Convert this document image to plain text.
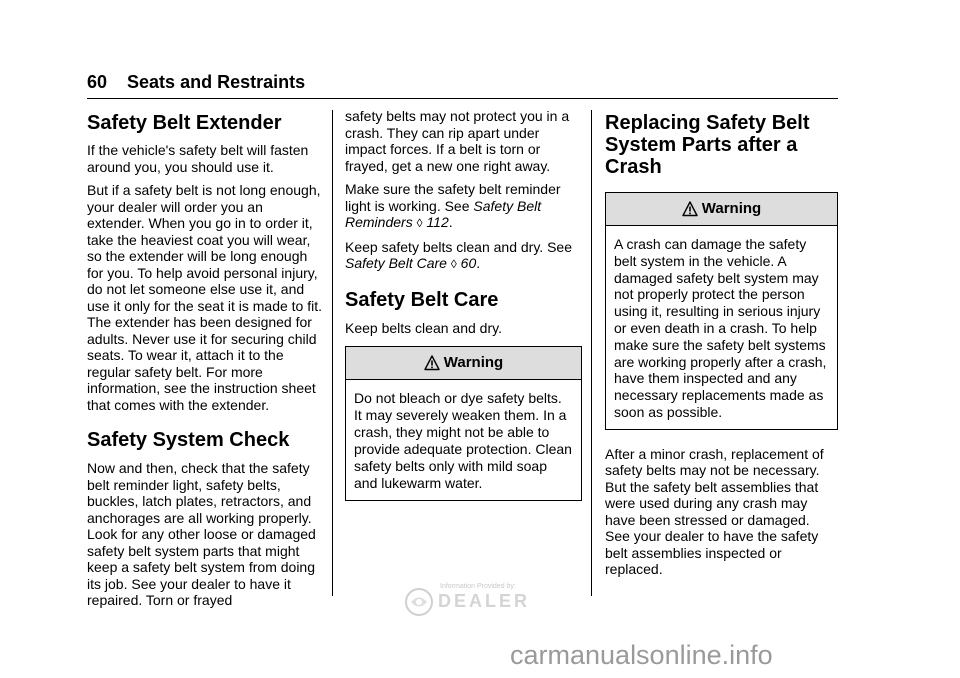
60 Seats and Restraints
Safety Belt Extender

If the vehicle's safety belt will fasten around you, you should use it.

But if a safety belt is not long enough, your dealer will order you an extender. When you go in to order it, take the heaviest coat you will wear, so the extender will be long enough for you. To help avoid personal injury, do not let someone else use it, and use it only for the seat it is made to fit. The extender has been designed for adults. Never use it for securing child seats. To wear it, attach it to the regular safety belt. For more information, see the instruction sheet that comes with the extender.

Safety System Check

Now and then, check that the safety belt reminder light, safety belts, buckles, latch plates, retractors, and anchorages are all working properly. Look for any other loose or damaged safety belt system parts that might keep a safety belt system from doing its job. See your dealer to have it repaired. Torn or frayed

safety belts may not protect you in a crash. They can rip apart under impact forces. If a belt is torn or frayed, get a new one right away.

Make sure the safety belt reminder light is working. See Safety Belt Reminders ◊ 112.

Keep safety belts clean and dry. See Safety Belt Care ◊ 60.

Safety Belt Care

Keep belts clean and dry.

Warning
Do not bleach or dye safety belts. It may severely weaken them. In a crash, they might not be able to provide adequate protection. Clean safety belts only with mild soap and lukewarm water.
Replacing Safety Belt System Parts after a Crash
Warning
A crash can damage the safety belt system in the vehicle. A damaged safety belt system may not properly protect the person using it, resulting in serious injury or even death in a crash. To help make sure the safety belt systems are working properly after a crash, have them inspected and any necessary replacements made as soon as possible.

After a minor crash, replacement of safety belts may not be necessary. But the safety belt assemblies that were used during any crash may have been stressed or damaged. See your dealer to have the safety belt assemblies inspected or replaced.

Information Provided by:
DEALER
carmanualsonline.info
